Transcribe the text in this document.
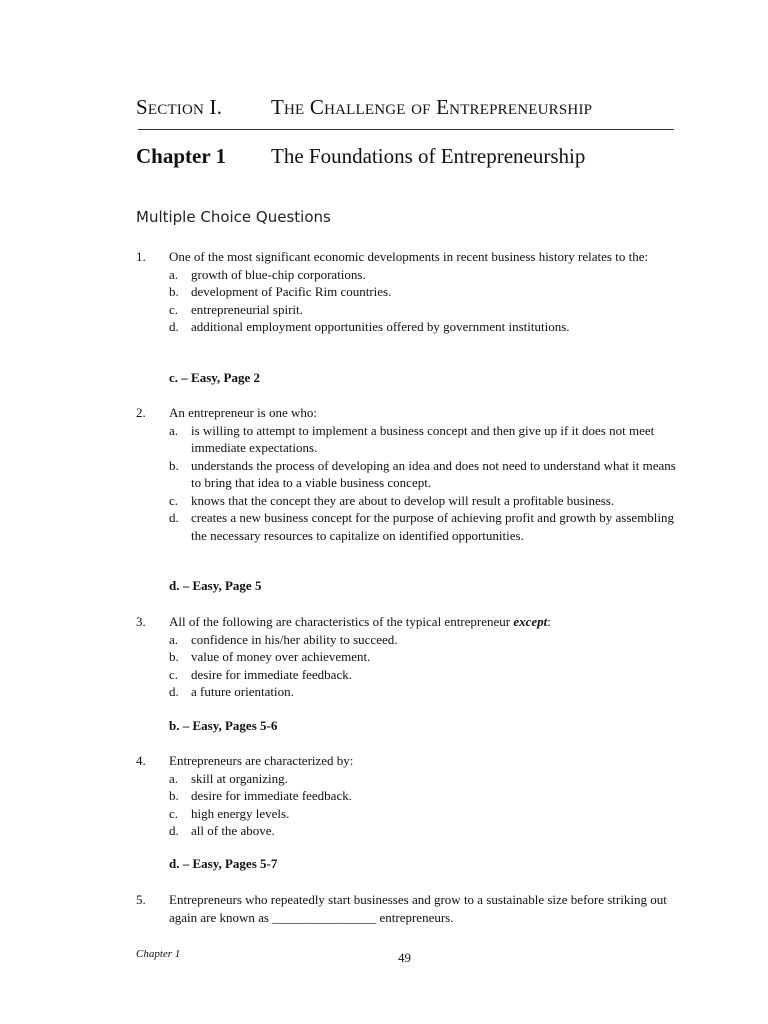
Section I. The Challenge of Entrepreneurship
Chapter 1 The Foundations of Entrepreneurship
Multiple Choice Questions
1. One of the most significant economic developments in recent business history relates to the:
a. growth of blue-chip corporations.
b. development of Pacific Rim countries.
c. entrepreneurial spirit.
d. additional employment opportunities offered by government institutions.
c. – Easy, Page 2
2. An entrepreneur is one who:
a. is willing to attempt to implement a business concept and then give up if it does not meet immediate expectations.
b. understands the process of developing an idea and does not need to understand what it means to bring that idea to a viable business concept.
c. knows that the concept they are about to develop will result a profitable business.
d. creates a new business concept for the purpose of achieving profit and growth by assembling the necessary resources to capitalize on identified opportunities.
d. – Easy, Page 5
3. All of the following are characteristics of the typical entrepreneur except:
a. confidence in his/her ability to succeed.
b. value of money over achievement.
c. desire for immediate feedback.
d. a future orientation.
b. – Easy, Pages 5-6
4. Entrepreneurs are characterized by:
a. skill at organizing.
b. desire for immediate feedback.
c. high energy levels.
d. all of the above.
d. – Easy, Pages 5-7
5. Entrepreneurs who repeatedly start businesses and grow to a sustainable size before striking out again are known as ________________ entrepreneurs.
Chapter 1	49
